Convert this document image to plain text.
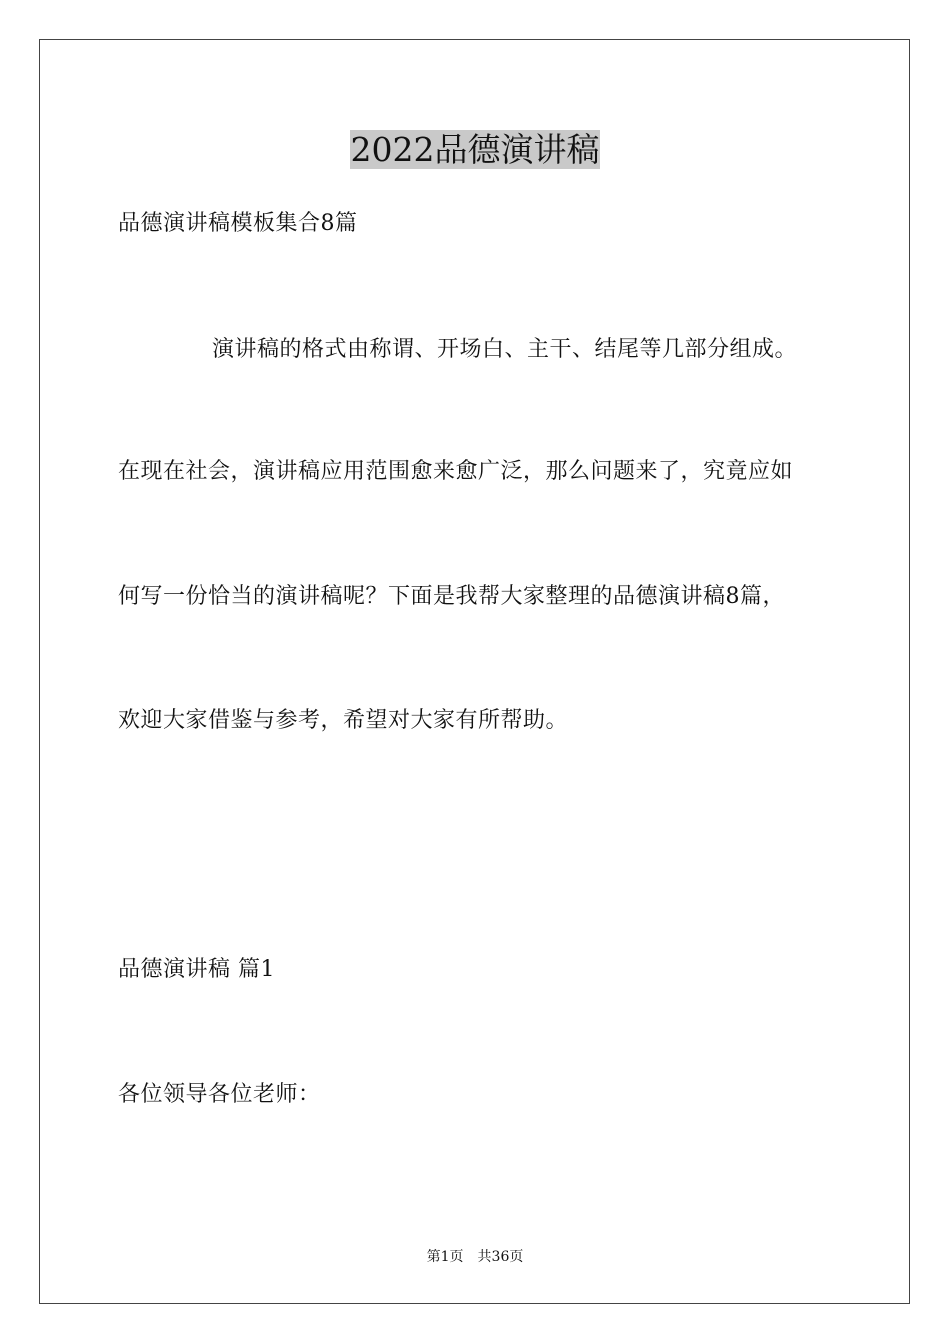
2022品德演讲稿
品德演讲稿模板集合8篇
演讲稿的格式由称谓、开场白、主干、结尾等几部分组成。
在现在社会，演讲稿应用范围愈来愈广泛，那么问题来了，究竟应如
何写一份恰当的演讲稿呢？下面是我帮大家整理的品德演讲稿8篇，
欢迎大家借鉴与参考，希望对大家有所帮助。
品德演讲稿 篇1
各位领导各位老师：
第1页　共36页
